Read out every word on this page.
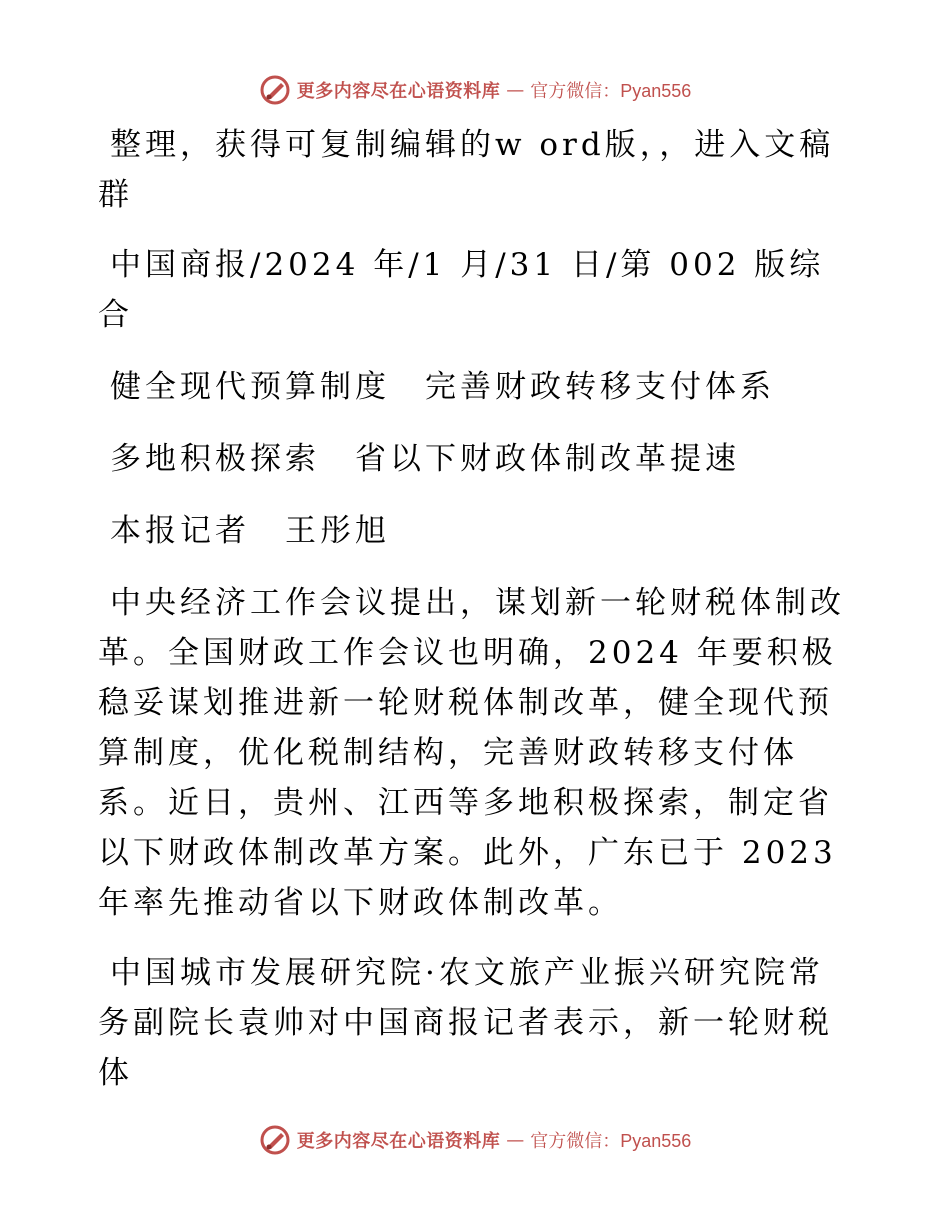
更多内容尽在心语资料库 — 官方微信：Pyan556

整理，获得可复制编辑的w ord版，，进入文稿群

中国商报/2024 年/1 月/31 日/第 002 版综合

健全现代预算制度　完善财政转移支付体系

多地积极探索　省以下财政体制改革提速

本报记者　王彤旭

中央经济工作会议提出，谋划新一轮财税体制改革。全国财政工作会议也明确，2024 年要积极稳妥谋划推进新一轮财税体制改革，健全现代预算制度，优化税制结构，完善财政转移支付体系。近日，贵州、江西等多地积极探索，制定省以下财政体制改革方案。此外，广东已于 2023年率先推动省以下财政体制改革。

中国城市发展研究院·农文旅产业振兴研究院常务副院长袁帅对中国商报记者表示，新一轮财税体

更多内容尽在心语资料库 — 官方微信：Pyan556
